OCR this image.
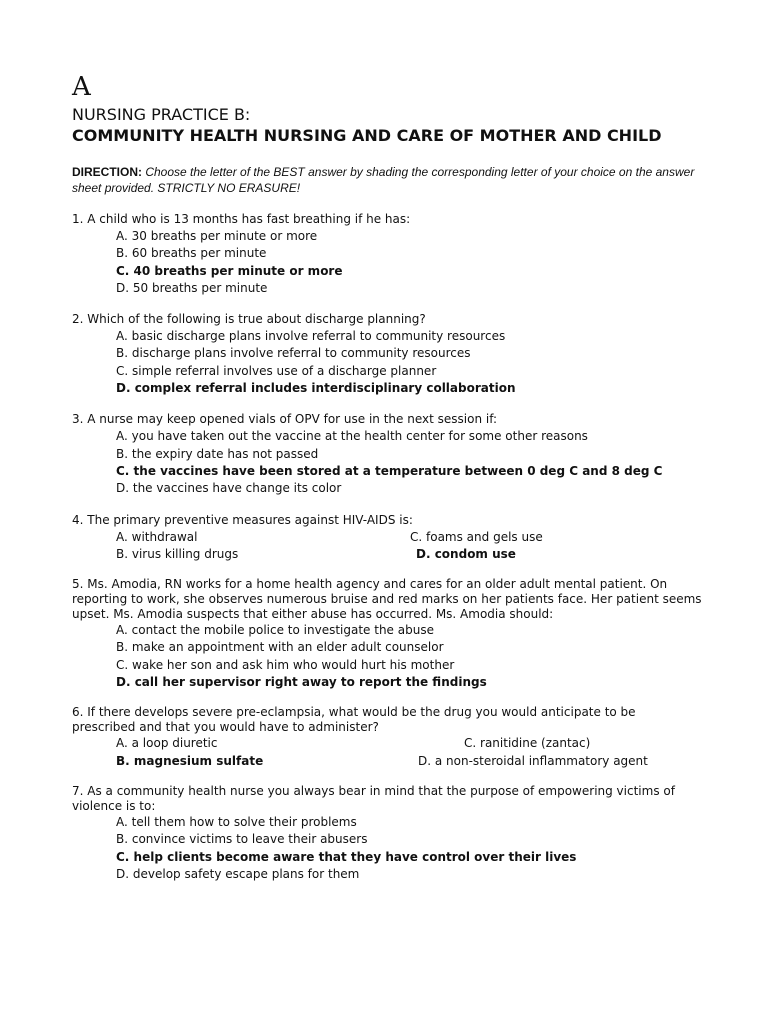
A
NURSING PRACTICE B:
COMMUNITY HEALTH NURSING AND CARE OF MOTHER AND CHILD
DIRECTION: Choose the letter of the BEST answer by shading the corresponding letter of your choice on the answer sheet provided. STRICTLY NO ERASURE!
1. A child who is 13 months has fast breathing if he has:
A. 30 breaths per minute or more
B. 60 breaths per minute
C. 40 breaths per minute or more
D. 50 breaths per minute
2. Which of the following is true about discharge planning?
A. basic discharge plans involve referral to community resources
B. discharge plans involve referral to community resources
C. simple referral involves use of a discharge planner
D. complex referral includes interdisciplinary collaboration
3. A nurse may keep opened vials of OPV for use in the next session if:
A. you have taken out the vaccine at the health center for some other reasons
B. the expiry date has not passed
C. the vaccines have been stored at a temperature between 0 deg C and 8 deg C
D. the vaccines have change its color
4. The primary preventive measures against HIV-AIDS is:
A. withdrawal	C. foams and gels use
B. virus killing drugs	D. condom use
5. Ms. Amodia, RN works for a home health agency and cares for an older adult mental patient. On reporting to work, she observes numerous bruise and red marks on her patients face. Her patient seems upset. Ms. Amodia suspects that either abuse has occurred. Ms. Amodia should:
A. contact the mobile police to investigate the abuse
B. make an appointment with an elder adult counselor
C. wake her son and ask him who would hurt his mother
D. call her supervisor right away to report the findings
6. If there develops severe pre-eclampsia, what would be the drug you would anticipate to be prescribed and that you would have to administer?
A. a loop diuretic	C. ranitidine (zantac)
B. magnesium sulfate	D. a non-steroidal inflammatory agent
7. As a community health nurse you always bear in mind that the purpose of empowering victims of violence is to:
A. tell them how to solve their problems
B. convince victims to leave their abusers
C. help clients become aware that they have control over their lives
D. develop safety escape plans for them
